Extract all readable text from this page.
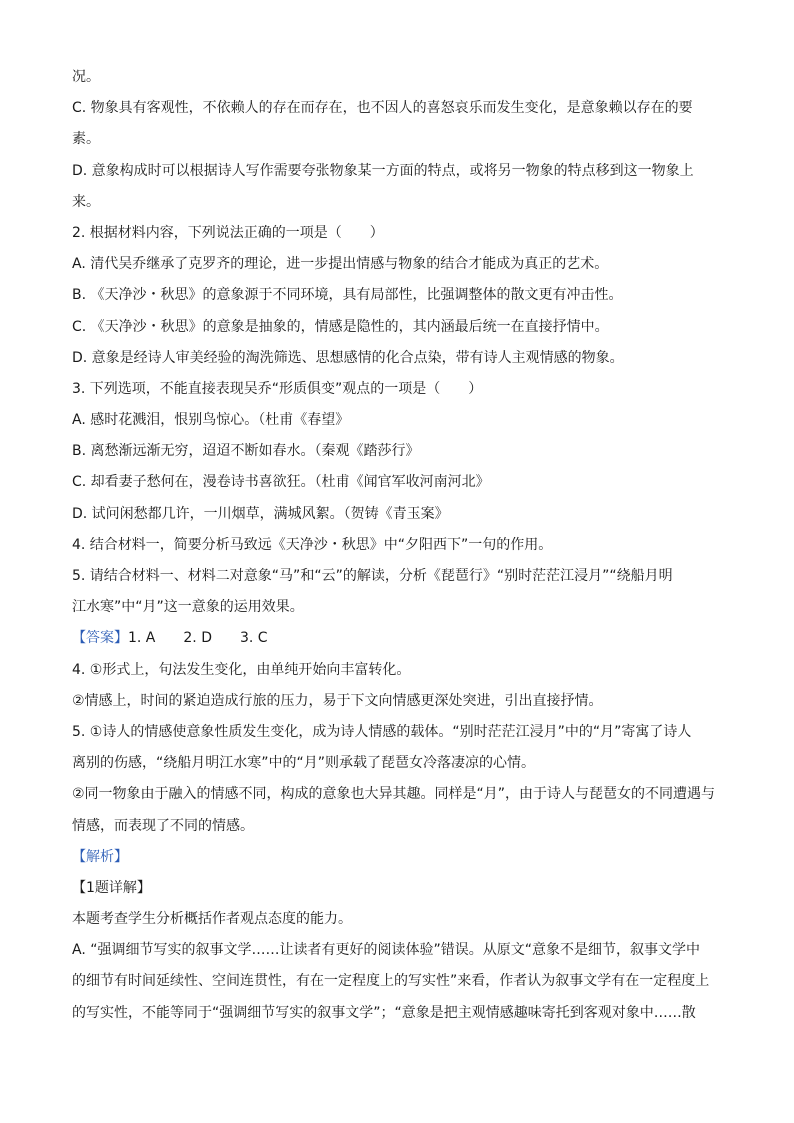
况。
C. 物象具有客观性，不依赖人的存在而存在，也不因人的喜怒哀乐而发生变化，是意象赖以存在的要
素。
D. 意象构成时可以根据诗人写作需要夸张物象某一方面的特点，或将另一物象的特点移到这一物象上
来。
2. 根据材料内容，下列说法正确的一项是（　　）
A. 清代吴乔继承了克罗齐的理论，进一步提出情感与物象的结合才能成为真正的艺术。
B. 《天净沙・秋思》的意象源于不同环境，具有局部性，比强调整体的散文更有冲击性。
C. 《天净沙・秋思》的意象是抽象的，情感是隐性的，其内涵最后统一在直接抒情中。
D. 意象是经诗人审美经验的淘洗筛选、思想感情的化合点染，带有诗人主观情感的物象。
3. 下列选项，不能直接表现吴乔“形质俱变”观点的一项是（　　）
A. 感时花溅泪，恨别鸟惊心。（杜甫《春望》
B. 离愁渐远渐无穷，迢迢不断如春水。（秦观《踏莎行》
C. 却看妻子愁何在，漫卷诗书喜欲狂。（杜甫《闻官军收河南河北》
D. 试问闲愁都几许，一川烟草，满城风絮。（贺铸《青玉案》
4. 结合材料一，简要分析马致远《天净沙・秋思》中“夕阳西下”一句的作用。
5. 请结合材料一、材料二对意象“马”和“云”的解读，分析《琵琶行》“别时茫茫江浸月”“绕船月明
江水寒”中“月”这一意象的运用效果。
【答案】1. A　　2. D　　3. C
4. ①形式上，句法发生变化，由单纯开始向丰富转化。
②情感上，时间的紧迫造成行旅的压力，易于下文向情感更深处突进，引出直接抒情。
5. ①诗人的情感使意象性质发生变化，成为诗人情感的载体。“别时茫茫江浸月”中的“月”寄寓了诗人
离别的伤感，“绕船月明江水寒”中的“月”则承载了琵琶女冷落凄凉的心情。
②同一物象由于融入的情感不同，构成的意象也大异其趣。同样是“月”，由于诗人与琵琶女的不同遭遇与
情感，而表现了不同的情感。
【解析】
【1题详解】
本题考查学生分析概括作者观点态度的能力。
A. “强调细节写实的叙事文学……让读者有更好的阅读体验”错误。从原文“意象不是细节，叙事文学中
的细节有时间延续性、空间连贯性，有在一定程度上的写实性”来看，作者认为叙事文学有在一定程度上
的写实性，不能等同于“强调细节写实的叙事文学”；“意象是把主观情感趣味寄托到客观对象中……散
